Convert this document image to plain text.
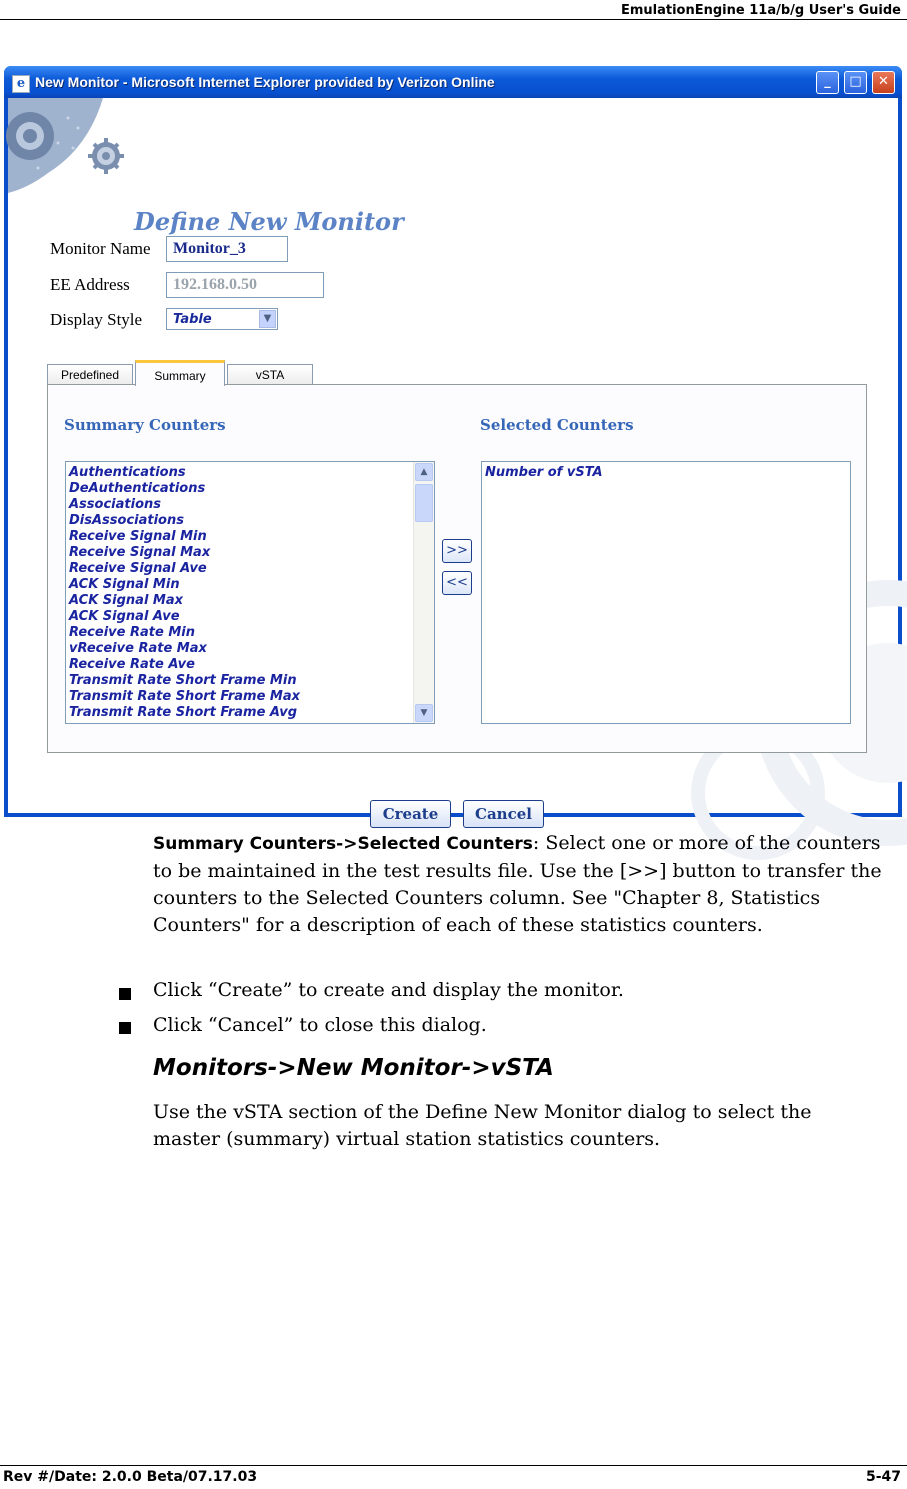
EmulationEngine 11a/b/g User's Guide
e New Monitor - Microsoft Internet Explorer provided by Verizon Online	_	□	✕
Define New Monitor
Monitor Name	Monitor_3
EE Address	192.168.0.50
Display Style Table	▼
Predefined	Summary	vSTA
Summary Counters	Selected Counters
Authentications
DeAuthentications
Associations
DisAssociations
Receive Signal Min
Receive Signal Max
Receive Signal Ave
ACK Signal Min
ACK Signal Max
ACK Signal Ave
Receive Rate Min
vReceive Rate Max
Receive Rate Ave
Transmit Rate Short Frame Min
Transmit Rate Short Frame Max
Transmit Rate Short Frame Avg
▲
▼
>>
<<
Number of vSTA
Create	Cancel
Summary Counters->Selected Counters: Select one or more of the counters to be maintained in the test results file. Use the [>>] button to transfer the counters to the Selected Counters column. See "Chapter 8, Statistics Counters" for a description of each of these statistics counters.
Click “Create” to create and display the monitor.
Click “Cancel” to close this dialog.
Monitors->New Monitor->vSTA
Use the vSTA section of the Define New Monitor dialog to select the master (summary) virtual station statistics counters.
Rev #/Date: 2.0.0 Beta/07.17.03	5-47
